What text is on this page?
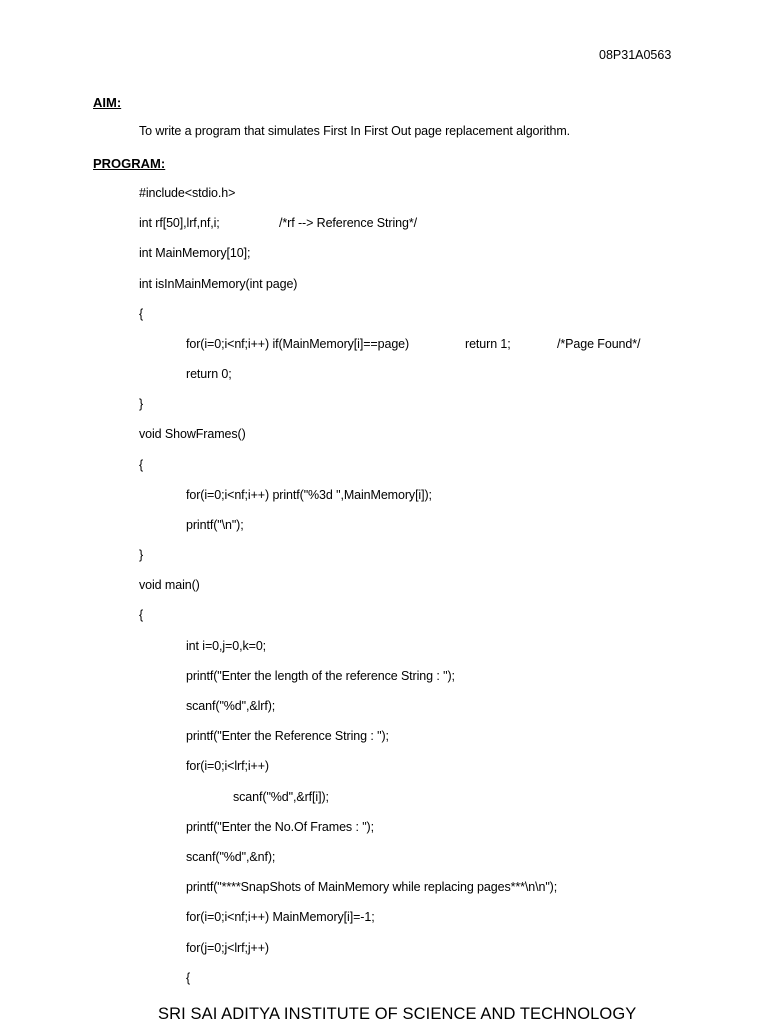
08P31A0563
AIM:
To write a program that simulates First In First Out page replacement algorithm.
PROGRAM:
#include<stdio.h>
int rf[50],lrf,nf,i;	/*rf --> Reference String*/
int MainMemory[10];
int isInMainMemory(int page)
{
for(i=0;i<nf;i++) if(MainMemory[i]==page)	return 1;	/*Page Found*/
return 0;
}
void ShowFrames()
{
for(i=0;i<nf;i++) printf("%3d ",MainMemory[i]);
printf("\n");
}
void main()
{
int i=0,j=0,k=0;
printf("Enter the length of the reference String : ");
scanf("%d",&lrf);
printf("Enter the Reference String : ");
for(i=0;i<lrf;i++)
scanf("%d",&rf[i]);
printf("Enter the No.Of Frames : ");
scanf("%d",&nf);
printf("****SnapShots of MainMemory while replacing pages***\n\n");
for(i=0;i<nf;i++) MainMemory[i]=-1;
for(j=0;j<lrf;j++)
{
SRI SAI ADITYA INSTITUTE OF SCIENCE AND TECHNOLOGY
